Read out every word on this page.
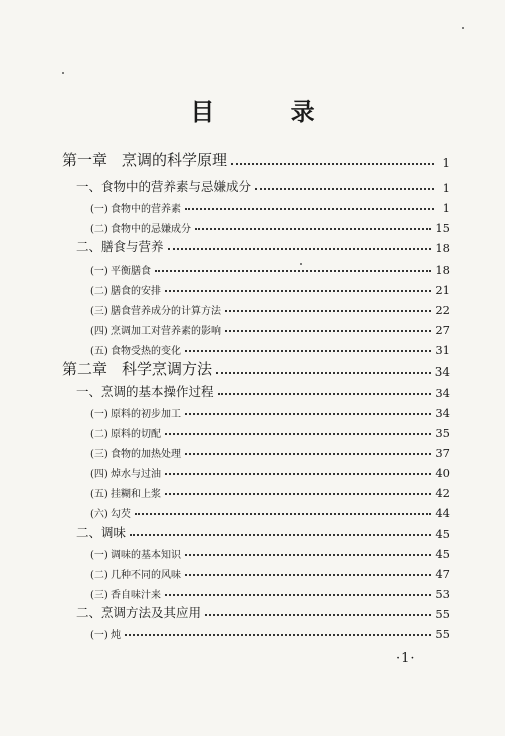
目 录
第一章　烹调的科学原理	1
一、食物中的营养素与忌嫌成分	1
(一) 食物中的营养素	1
(二) 食物中的忌嫌成分	15
二、膳食与营养	18
(一) 平衡膳食	18
(二) 膳食的安排	21
(三) 膳食营养成分的计算方法	22
(四) 烹调加工对营养素的影响	27
(五) 食物受热的变化	31
第二章　科学烹调方法	34
一、烹调的基本操作过程	34
(一) 原料的初步加工	34
(二) 原料的切配	35
(三) 食物的加热处理	37
(四) 焯水与过油	40
(五) 挂糊和上浆	42
(六) 勾芡	44
二、调味	45
(一) 调味的基本知识	45
(二) 几种不同的风味	47
(三) 香自味汁来	53
二、烹调方法及其应用	55
(一) 炖	55
·1·
